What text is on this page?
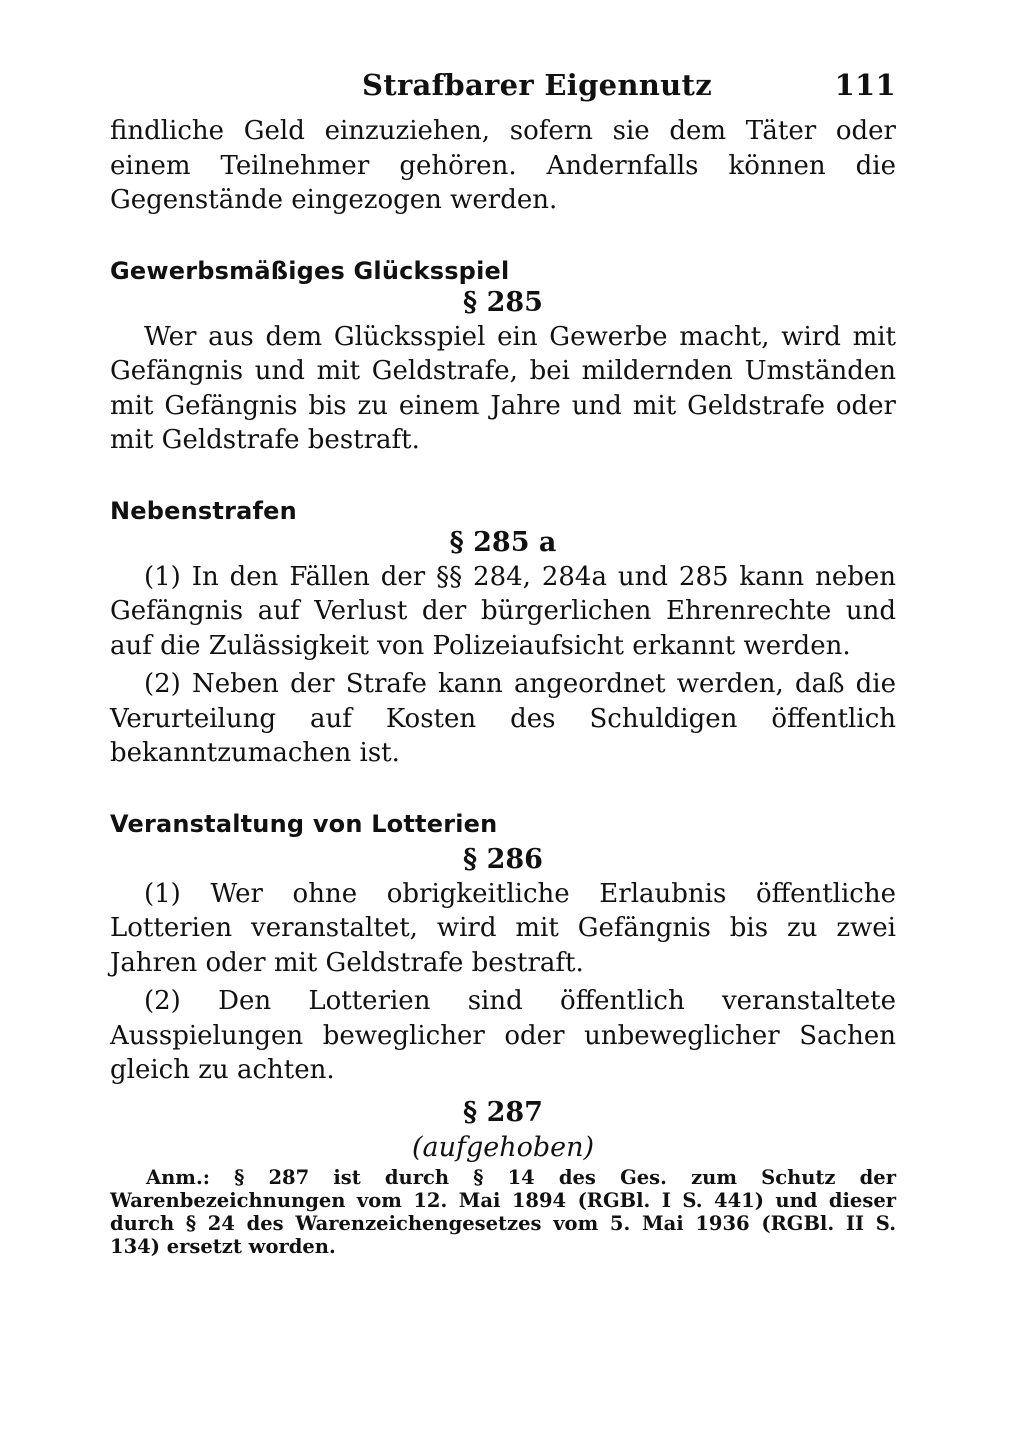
Strafbarer Eigennutz	111

findliche Geld einzuziehen, sofern sie dem Täter oder einem Teilnehmer gehören. Andernfalls können die Gegenstände eingezogen werden.

Gewerbsmäßiges Glücksspiel

§ 285

Wer aus dem Glücksspiel ein Gewerbe macht, wird mit Gefängnis und mit Geldstrafe, bei mildernden Umständen mit Gefängnis bis zu einem Jahre und mit Geldstrafe oder mit Geldstrafe bestraft.

Nebenstrafen

§ 285 a

(1) In den Fällen der §§ 284, 284a und 285 kann neben Gefängnis auf Verlust der bürgerlichen Ehrenrechte und auf die Zulässigkeit von Polizeiaufsicht erkannt werden.

(2) Neben der Strafe kann angeordnet werden, daß die Verurteilung auf Kosten des Schuldigen öffentlich bekanntzumachen ist.

Veranstaltung von Lotterien

§ 286

(1) Wer ohne obrigkeitliche Erlaubnis öffentliche Lotterien veranstaltet, wird mit Gefängnis bis zu zwei Jahren oder mit Geldstrafe bestraft.

(2) Den Lotterien sind öffentlich veranstaltete Ausspielungen beweglicher oder unbeweglicher Sachen gleich zu achten.

§ 287

(aufgehoben)

Anm.: § 287 ist durch § 14 des Ges. zum Schutz der Warenbezeichnungen vom 12. Mai 1894 (RGBl. I S. 441) und dieser durch § 24 des Warenzeichengesetzes vom 5. Mai 1936 (RGBl. II S. 134) ersetzt worden.
